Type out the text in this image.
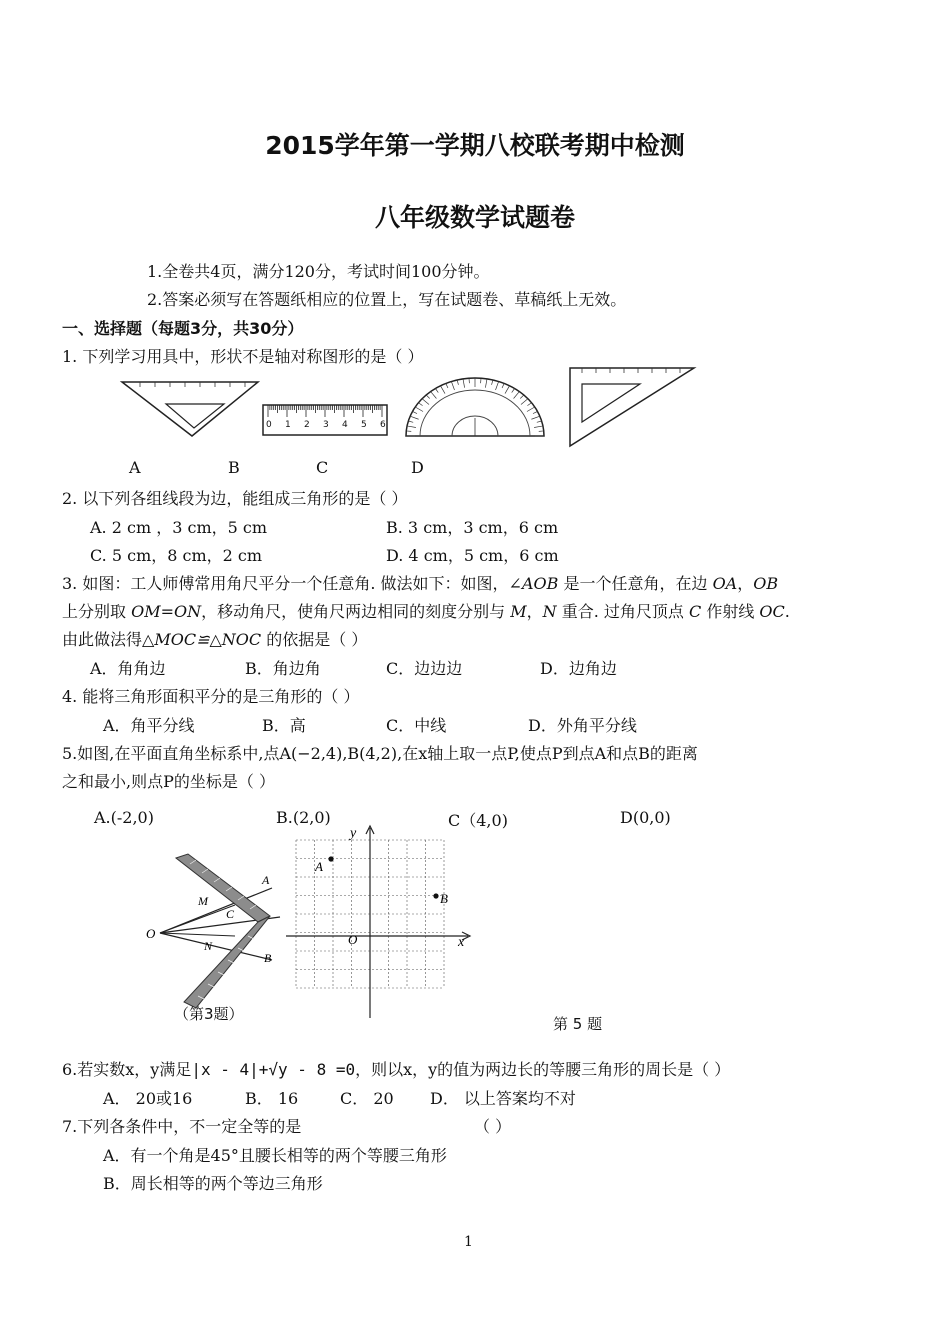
2015学年第一学期八校联考期中检测
八年级数学试题卷
1.全卷共4页，满分120分，考试时间100分钟。
2.答案必须写在答题纸相应的位置上，写在试题卷、草稿纸上无效。
一、选择题（每题3分，共30分）
1. 下列学习用具中，形状不是轴对称图形的是（ ）
0 1 2 3 4 5 6
A	B	C	D
2. 以下列各组线段为边，能组成三角形的是（ ）
A. 2 cm ，3 cm，5 cm	B. 3 cm，3 cm，6 cm
C. 5 cm，8 cm，2 cm	D. 4 cm，5 cm，6 cm
3. 如图：工人师傅常用角尺平分一个任意角. 做法如下：如图，∠AOB 是一个任意角，在边 OA，OB
上分别取 OM=ON，移动角尺，使角尺两边相同的刻度分别与 M，N 重合. 过角尺顶点 C 作射线 OC.
由此做法得△MOC≌△NOC 的依据是（ ）
A．角角边	B．角边角	C．边边边	D．边角边
4. 能将三角形面积平分的是三角形的（ ）
A．角平分线	B．高	C．中线	D．外角平分线
5.如图,在平面直角坐标系中,点A(−2,4),B(4,2),在x轴上取一点P,使点P到点A和点B的距离
之和最小,则点P的坐标是（ ）
A.(-2,0)	B.(2,0)	C（4,0)	D(0,0)
O
M
C
N
A
B
（第3题）
y
x
A
B
O
第 5 题
6.若实数x，y满足|x - 4|+√y - 8 =0，则以x，y的值为两边长的等腰三角形的周长是（ ）
A． 20或16	B． 16	C． 20 D． 以上答案均不对
7.下列各条件中，不一定全等的是	（ ）
A．有一个角是45°且腰长相等的两个等腰三角形
B．周长相等的两个等边三角形
1
